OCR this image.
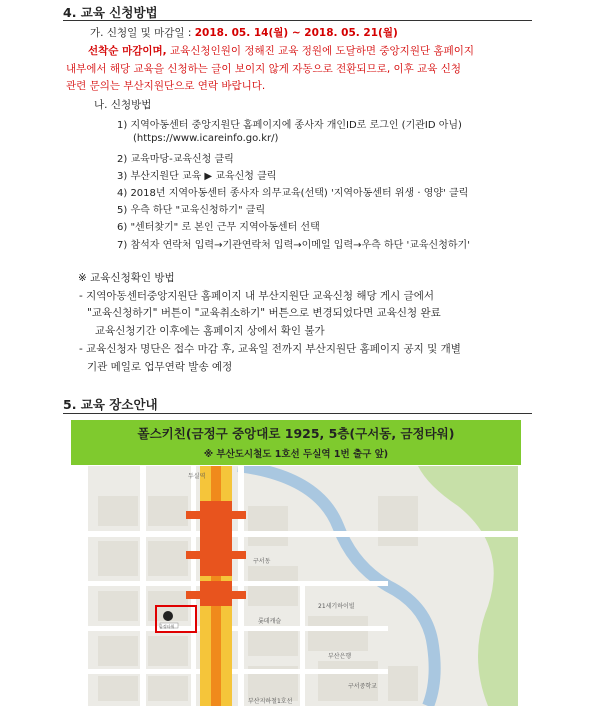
4. 교육 신청방법
가. 신청일 및 마감일 : 2018. 05. 14(월) ~ 2018. 05. 21(월)
선착순 마감이며, 교육신청인원이 정해진 교육 정원에 도달하면 중앙지원단 홈페이지
내부에서 해당 교육을 신청하는 글이 보이지 않게 자동으로 전환되므로, 이후 교육 신청
관련 문의는 부산지원단으로 연락 바랍니다.
나. 신청방법
1) 지역아동센터 중앙지원단 홈페이지에 종사자 개인ID로 로그인 (기관ID 아님)
(https://www.icareinfo.go.kr/)
2) 교육마당-교육신청 클릭
3) 부산지원단 교육 ▶ 교육신청 클릭
4) 2018년 지역아동센터 종사자 의무교육(선택) '지역아동센터 위생 · 영양' 클릭
5) 우측 하단 "교육신청하기" 클릭
6) "센터찾기" 로 본인 근무 지역아동센터 선택
7) 참석자 연락처 입력→기관연락처 입력→이메일 입력→우측 하단 '교육신청하기'
※ 교육신청확인 방법
- 지역아동센터중앙지원단 홈페이지 내 부산지원단 교육신청 해당 게시 글에서
"교육신청하기" 버튼이 "교육취소하기" 버튼으로 변경되었다면 교육신청 완료
교육신청기간 이후에는 홈페이지 상에서 확인 불가
- 교육신청자 명단은 접수 마감 후, 교육일 전까지 부산지원단 홈페이지 공지 및 개별
기관 메일로 업무연락 발송 예정
5. 교육 장소안내
폴스키친(금정구 중앙대로 1925, 5층(구서동, 금정타워)
※ 부산도시철도 1호선 두실역 1번 출구 앞)
두실역
금정타워
부산지하철1호선
구서동
롯데캐슬
21세기하이빌
부산은행
구서중학교
